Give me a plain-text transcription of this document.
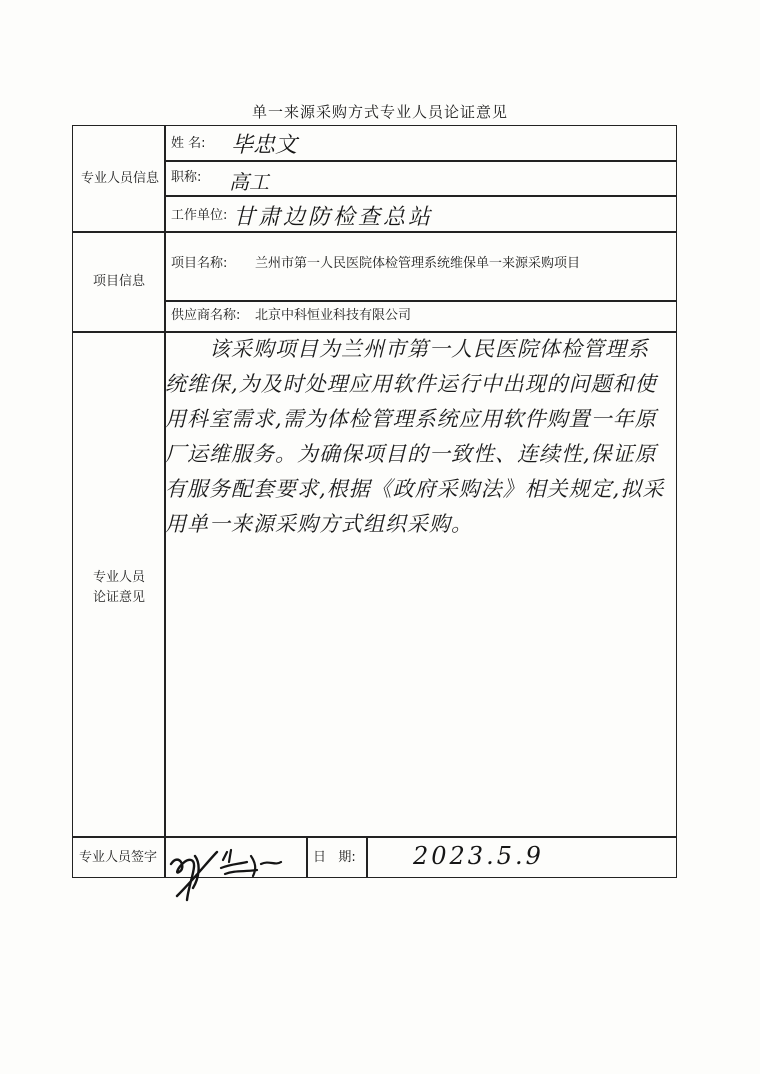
单一来源采购方式专业人员论证意见
专业人员信息
姓 名: 毕忠文
职称: 高工
工作单位: 甘肃边防检查总站
项目信息
项目名称: 兰州市第一人民医院体检管理系统维保单一来源采购项目
供应商名称: 北京中科恒业科技有限公司
专业人员
论证意见
该采购项目为兰州市第一人民医院体检管理系统维保,为及时处理应用软件运行中出现的问题和使用科室需求,需为体检管理系统应用软件购置一年原厂运维服务。为确保项目的一致性、连续性,保证原有服务配套要求,根据《政府采购法》相关规定,拟采用单一来源采购方式组织采购。
专业人员签字	日   期: 2023.5.9
